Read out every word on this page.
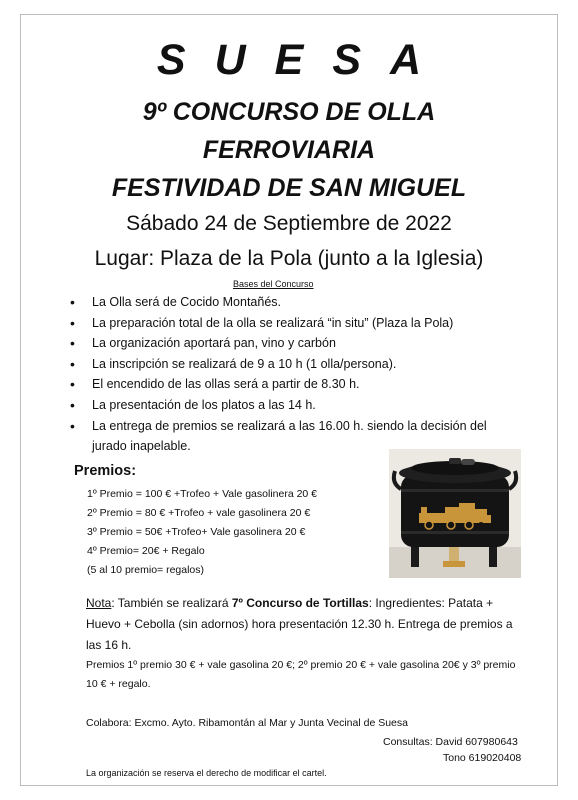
SUESA
9º CONCURSO DE OLLA
FERROVIARIA
FESTIVIDAD DE SAN MIGUEL
Sábado 24 de Septiembre de 2022
Lugar: Plaza de la Pola (junto a la Iglesia)
Bases del Concurso
• La Olla será de Cocido Montañés.
• La preparación total de la olla se realizará “in situ” (Plaza la Pola)
• La organización aportará pan, vino y carbón
• La inscripción se realizará de 9 a 10 h (1 olla/persona).
• El encendido de las ollas será a partir de 8.30 h.
• La presentación de los platos a las 14 h.
• La entrega de premios se realizará a las 16.00 h. siendo la decisión del jurado inapelable.
Premios:
1º Premio = 100 € +Trofeo + Vale gasolinera 20 €
2º Premio = 80 € +Trofeo + vale gasolinera 20 €
3º Premio = 50€ +Trofeo+ Vale gasolinera 20 €
4º Premio= 20€ + Regalo
(5 al 10 premio= regalos)
Nota: También se realizará 7º Concurso de Tortillas: Ingredientes: Patata + Huevo + Cebolla (sin adornos) hora presentación 12.30 h. Entrega de premios a las 16 h.
Premios 1º premio 30 € + vale gasolina 20 €; 2º premio 20 € + vale gasolina 20€ y 3º premio 10 € + regalo.
Colabora: Excmo. Ayto. Ribamontán al Mar y Junta Vecinal de Suesa
Consultas: David 607980643
Tono 619020408
La organización se reserva el derecho de modificar el cartel.
